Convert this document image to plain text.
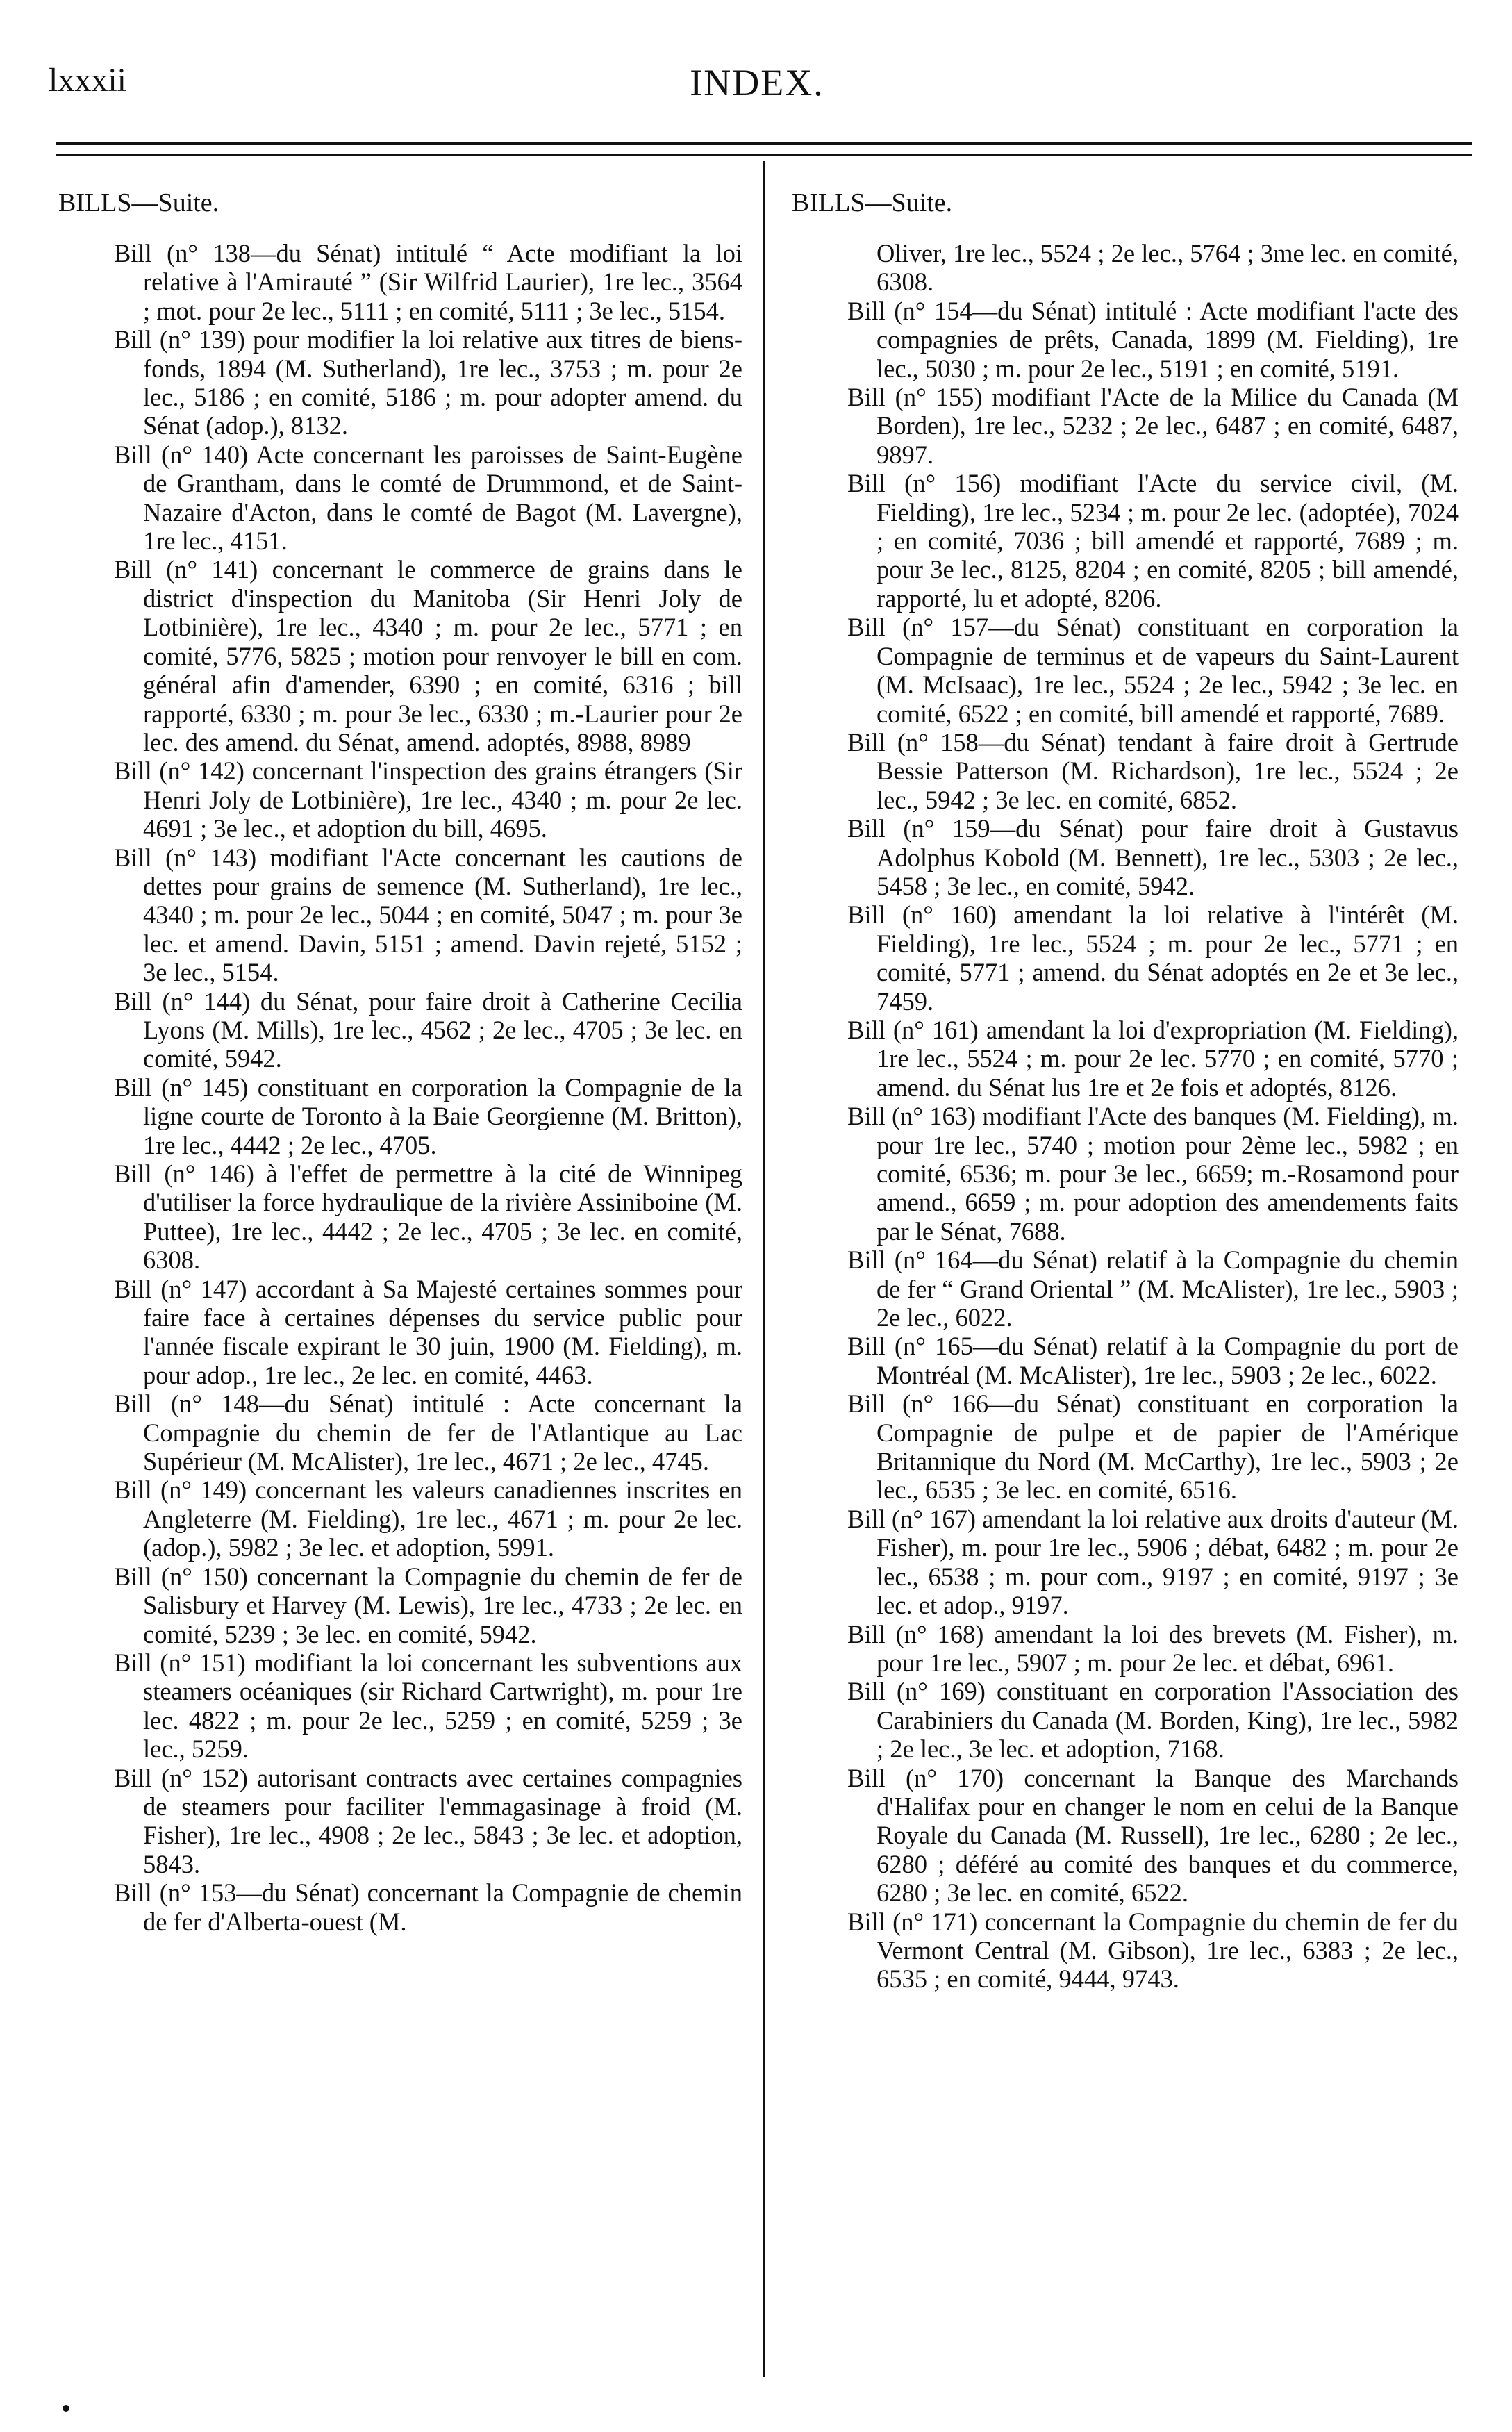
lxxxii	INDEX.
BILLS—Suite.

Bill (n° 138—du Sénat) intitulé “ Acte modifiant la loi relative à l'Amirauté ” (Sir Wilfrid Laurier), 1re lec., 3564 ; mot. pour 2e lec., 5111 ; en comité, 5111 ; 3e lec., 5154.

Bill (n° 139) pour modifier la loi relative aux titres de biens-fonds, 1894 (M. Sutherland), 1re lec., 3753 ; m. pour 2e lec., 5186 ; en comité, 5186 ; m. pour adopter amend. du Sénat (adop.), 8132.

Bill (n° 140) Acte concernant les paroisses de Saint-Eugène de Grantham, dans le comté de Drummond, et de Saint-Nazaire d'Acton, dans le comté de Bagot (M. Lavergne), 1re lec., 4151.

Bill (n° 141) concernant le commerce de grains dans le district d'inspection du Manitoba (Sir Henri Joly de Lotbinière), 1re lec., 4340 ; m. pour 2e lec., 5771 ; en comité, 5776, 5825 ; motion pour renvoyer le bill en com. général afin d'amender, 6390 ; en comité, 6316 ; bill rapporté, 6330 ; m. pour 3e lec., 6330 ; m.-Laurier pour 2e lec. des amend. du Sénat, amend. adoptés, 8988, 8989

Bill (n° 142) concernant l'inspection des grains étrangers (Sir Henri Joly de Lotbinière), 1re lec., 4340 ; m. pour 2e lec. 4691 ; 3e lec., et adoption du bill, 4695.

Bill (n° 143) modifiant l'Acte concernant les cautions de dettes pour grains de semence (M. Sutherland), 1re lec., 4340 ; m. pour 2e lec., 5044 ; en comité, 5047 ; m. pour 3e lec. et amend. Davin, 5151 ; amend. Davin rejeté, 5152 ; 3e lec., 5154.

Bill (n° 144) du Sénat, pour faire droit à Catherine Cecilia Lyons (M. Mills), 1re lec., 4562 ; 2e lec., 4705 ; 3e lec. en comité, 5942.

Bill (n° 145) constituant en corporation la Compagnie de la ligne courte de Toronto à la Baie Georgienne (M. Britton), 1re lec., 4442 ; 2e lec., 4705.

Bill (n° 146) à l'effet de permettre à la cité de Winnipeg d'utiliser la force hydraulique de la rivière Assiniboine (M. Puttee), 1re lec., 4442 ; 2e lec., 4705 ; 3e lec. en comité, 6308.

Bill (n° 147) accordant à Sa Majesté certaines sommes pour faire face à certaines dépenses du service public pour l'année fiscale expirant le 30 juin, 1900 (M. Fielding), m. pour adop., 1re lec., 2e lec. en comité, 4463.

Bill (n° 148—du Sénat) intitulé : Acte concernant la Compagnie du chemin de fer de l'Atlantique au Lac Supérieur (M. McAlister), 1re lec., 4671 ; 2e lec., 4745.

Bill (n° 149) concernant les valeurs canadiennes inscrites en Angleterre (M. Fielding), 1re lec., 4671 ; m. pour 2e lec. (adop.), 5982 ; 3e lec. et adoption, 5991.

Bill (n° 150) concernant la Compagnie du chemin de fer de Salisbury et Harvey (M. Lewis), 1re lec., 4733 ; 2e lec. en comité, 5239 ; 3e lec. en comité, 5942.

Bill (n° 151) modifiant la loi concernant les subventions aux steamers océaniques (sir Richard Cartwright), m. pour 1re lec. 4822 ; m. pour 2e lec., 5259 ; en comité, 5259 ; 3e lec., 5259.

Bill (n° 152) autorisant contracts avec certaines compagnies de steamers pour faciliter l'emmagasinage à froid (M. Fisher), 1re lec., 4908 ; 2e lec., 5843 ; 3e lec. et adoption, 5843.

Bill (n° 153—du Sénat) concernant la Compagnie de chemin de fer d'Alberta-ouest (M.

BILLS—Suite.

Oliver, 1re lec., 5524 ; 2e lec., 5764 ; 3me lec. en comité, 6308.

Bill (n° 154—du Sénat) intitulé : Acte modifiant l'acte des compagnies de prêts, Canada, 1899 (M. Fielding), 1re lec., 5030 ; m. pour 2e lec., 5191 ; en comité, 5191.

Bill (n° 155) modifiant l'Acte de la Milice du Canada (M Borden), 1re lec., 5232 ; 2e lec., 6487 ; en comité, 6487, 9897.

Bill (n° 156) modifiant l'Acte du service civil, (M. Fielding), 1re lec., 5234 ; m. pour 2e lec. (adoptée), 7024 ; en comité, 7036 ; bill amendé et rapporté, 7689 ; m. pour 3e lec., 8125, 8204 ; en comité, 8205 ; bill amendé, rapporté, lu et adopté, 8206.

Bill (n° 157—du Sénat) constituant en corporation la Compagnie de terminus et de vapeurs du Saint-Laurent (M. McIsaac), 1re lec., 5524 ; 2e lec., 5942 ; 3e lec. en comité, 6522 ; en comité, bill amendé et rapporté, 7689.

Bill (n° 158—du Sénat) tendant à faire droit à Gertrude Bessie Patterson (M. Richardson), 1re lec., 5524 ; 2e lec., 5942 ; 3e lec. en comité, 6852.

Bill (n° 159—du Sénat) pour faire droit à Gustavus Adolphus Kobold (M. Bennett), 1re lec., 5303 ; 2e lec., 5458 ; 3e lec., en comité, 5942.

Bill (n° 160) amendant la loi relative à l'intérêt (M. Fielding), 1re lec., 5524 ; m. pour 2e lec., 5771 ; en comité, 5771 ; amend. du Sénat adoptés en 2e et 3e lec., 7459.

Bill (n° 161) amendant la loi d'expropriation (M. Fielding), 1re lec., 5524 ; m. pour 2e lec. 5770 ; en comité, 5770 ; amend. du Sénat lus 1re et 2e fois et adoptés, 8126.

Bill (n° 163) modifiant l'Acte des banques (M. Fielding), m. pour 1re lec., 5740 ; motion pour 2ème lec., 5982 ; en comité, 6536; m. pour 3e lec., 6659; m.-Rosamond pour amend., 6659 ; m. pour adoption des amendements faits par le Sénat, 7688.

Bill (n° 164—du Sénat) relatif à la Compagnie du chemin de fer “ Grand Oriental ” (M. McAlister), 1re lec., 5903 ; 2e lec., 6022.

Bill (n° 165—du Sénat) relatif à la Compagnie du port de Montréal (M. McAlister), 1re lec., 5903 ; 2e lec., 6022.

Bill (n° 166—du Sénat) constituant en corporation la Compagnie de pulpe et de papier de l'Amérique Britannique du Nord (M. McCarthy), 1re lec., 5903 ; 2e lec., 6535 ; 3e lec. en comité, 6516.

Bill (n° 167) amendant la loi relative aux droits d'auteur (M. Fisher), m. pour 1re lec., 5906 ; débat, 6482 ; m. pour 2e lec., 6538 ; m. pour com., 9197 ; en comité, 9197 ; 3e lec. et adop., 9197.

Bill (n° 168) amendant la loi des brevets (M. Fisher), m. pour 1re lec., 5907 ; m. pour 2e lec. et débat, 6961.

Bill (n° 169) constituant en corporation l'Association des Carabiniers du Canada (M. Borden, King), 1re lec., 5982 ; 2e lec., 3e lec. et adoption, 7168.

Bill (n° 170) concernant la Banque des Marchands d'Halifax pour en changer le nom en celui de la Banque Royale du Canada (M. Russell), 1re lec., 6280 ; 2e lec., 6280 ; déféré au comité des banques et du commerce, 6280 ; 3e lec. en comité, 6522.

Bill (n° 171) concernant la Compagnie du chemin de fer du Vermont Central (M. Gibson), 1re lec., 6383 ; 2e lec., 6535 ; en comité, 9444, 9743.
